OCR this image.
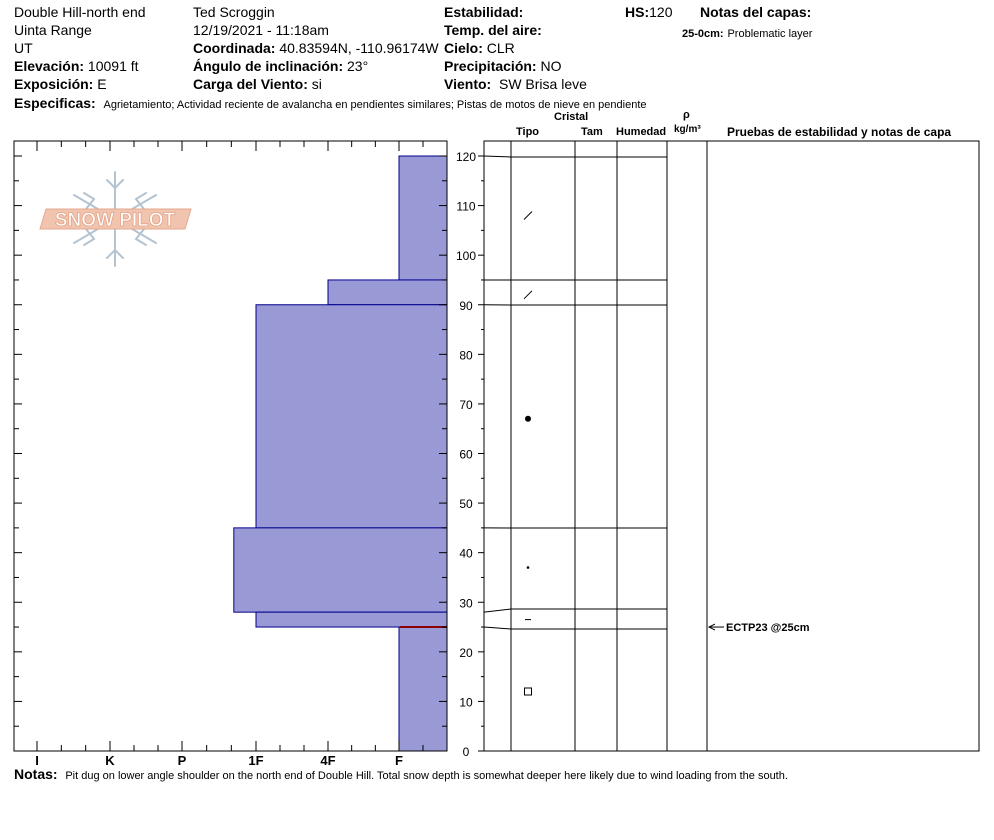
Double Hill-north end
Uinta Range
UT
Elevación: 10091 ft
Exposición: E
Ted Scroggin
12/19/2021 - 11:18am
Coordinada: 40.83594N, -110.96174W
Ángulo de inclinación: 23°
Carga del Viento: si
Estabilidad:
Temp. del aire:
Cielo: CLR
Precipitación: NO
Viento: SW Brisa leve
HS:120 Notas del capas:
25-0cm: Problematic layer
Especificas: Agrietamiento; Actividad reciente de avalancha en pendientes similares; Pistas de motos de nieve en pendiente
Cristal
Tipo	Tam Humedad
ρ
kg/m³ Pruebas de estabilidad y notas de capa
I	K	P	1F	4F	F
0
10
20
30
40
50
60
70
80
90
100
110
120
SNOW PILOT
ECTP23 @25cm
Notas: Pit dug on lower angle shoulder on the north end of Double Hill. Total snow depth is somewhat deeper here likely due to wind loading from the south.
